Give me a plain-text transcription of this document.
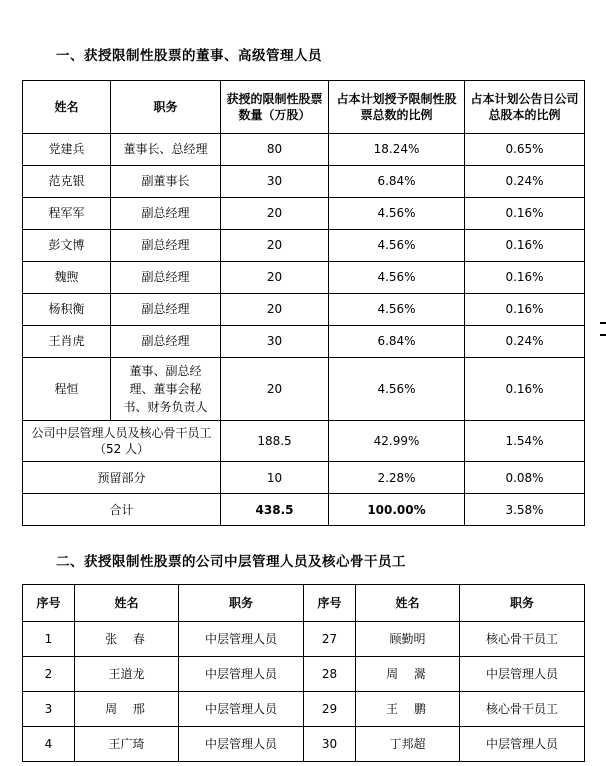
一、获授限制性股票的董事、高级管理人员
姓名	职务	获授的限制性股票数量（万股）	占本计划授予限制性股票总数的比例	占本计划公告日公司总股本的比例
党建兵	董事长、总经理	80	18.24%	0.65%
范克银	副董事长	30	6.84%	0.24%
程军军	副总经理	20	4.56%	0.16%
彭文博	副总经理	20	4.56%	0.16%
魏煦	副总经理	20	4.56%	0.16%
杨积衡	副总经理	20	4.56%	0.16%
王肖虎	副总经理	30	6.84%	0.24%
程恒	董事、副总经理、董事会秘书、财务负责人	20	4.56%	0.16%
公司中层管理人员及核心骨干员工（52 人）		188.5	42.99%	1.54%
预留部分		10	2.28%	0.08%
合计		438.5	100.00%	3.58%
二、获授限制性股票的公司中层管理人员及核心骨干员工
序号	姓名	职务	序号	姓名	职务
1	张 春	中层管理人员	27	顾勤明	核心骨干员工
2	王道龙	中层管理人员	28	周 翯	中层管理人员
3	周 邢	中层管理人员	29	王 鹏	核心骨干员工
4	王广琦	中层管理人员	30	丁邦超	中层管理人员
